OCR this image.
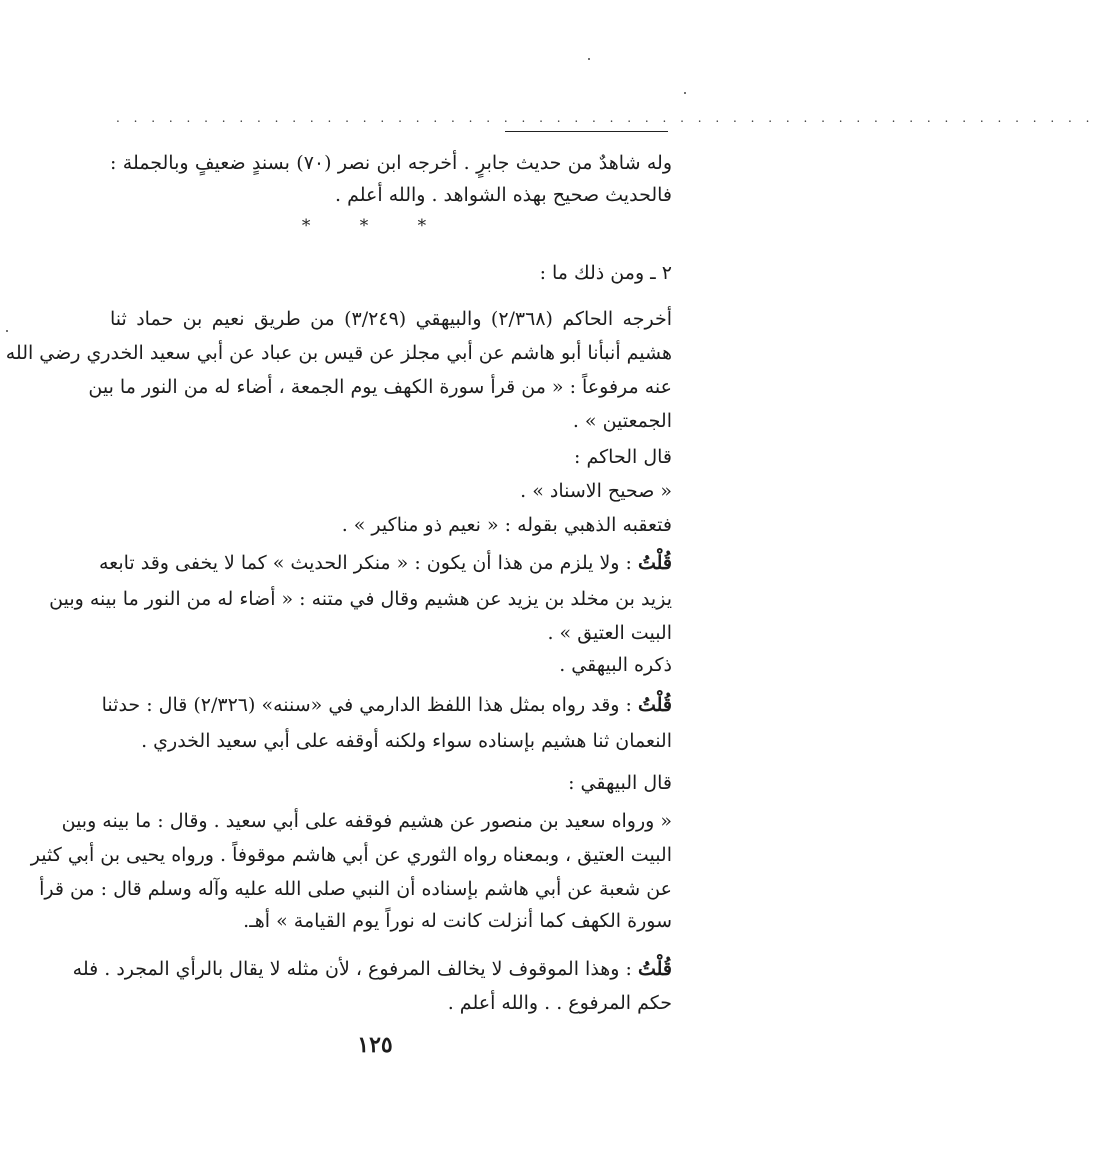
. . . . . . . . . . . . . . . . . . . . . . . . . . . . . . . . . . . . . . . . . . . . . . . . . . . . . . . .
وله شاهدٌ من حديث جابرٍ . أخرجه ابن نصر (٧٠) بسندٍ ضعيفٍ وبالجملة :
فالحديث صحيح بهذه الشواهد . والله أعلم .
* * *
٢ ـ ومن ذلك ما :
أخرجه الحاكم (٢/٣٦٨) والبيهقي (٣/٢٤٩) من طريق نعيم بن حماد ثنا
هشيم أنبأنا أبو هاشم عن أبي مجلز عن قيس بن عباد عن أبي سعيد الخدري رضي الله
عنه مرفوعاً : « من قرأ سورة الكهف يوم الجمعة ، أضاء له من النور ما بين
الجمعتين » .
قال الحاكم :
« صحيح الاسناد » .
فتعقبه الذهبي بقوله : « نعيم ذو مناكير » .
قُلْتُ : ولا يلزم من هذا أن يكون : « منكر الحديث » كما لا يخفى وقد تابعه
يزيد بن مخلد بن يزيد عن هشيم وقال في متنه : « أضاء له من النور ما بينه وبين
البيت العتيق » .
ذكره البيهقي .
قُلْتُ : وقد رواه بمثل هذا اللفظ الدارمي في «سننه» (٢/٣٢٦) قال : حدثنا
النعمان ثنا هشيم بإسناده سواء ولكنه أوقفه على أبي سعيد الخدري .
قال البيهقي :
« ورواه سعيد بن منصور عن هشيم فوقفه على أبي سعيد . وقال : ما بينه وبين
البيت العتيق ، وبمعناه رواه الثوري عن أبي هاشم موقوفاً . ورواه يحيى بن أبي كثير
عن شعبة عن أبي هاشم بإسناده أن النبي صلى الله عليه وآله وسلم قال : من قرأ
سورة الكهف كما أنزلت كانت له نوراً يوم القيامة » أهـ.
قُلْتُ : وهذا الموقوف لا يخالف المرفوع ، لأن مثله لا يقال بالرأي المجرد . فله
حكم المرفوع . . والله أعلم .
١٢٥
